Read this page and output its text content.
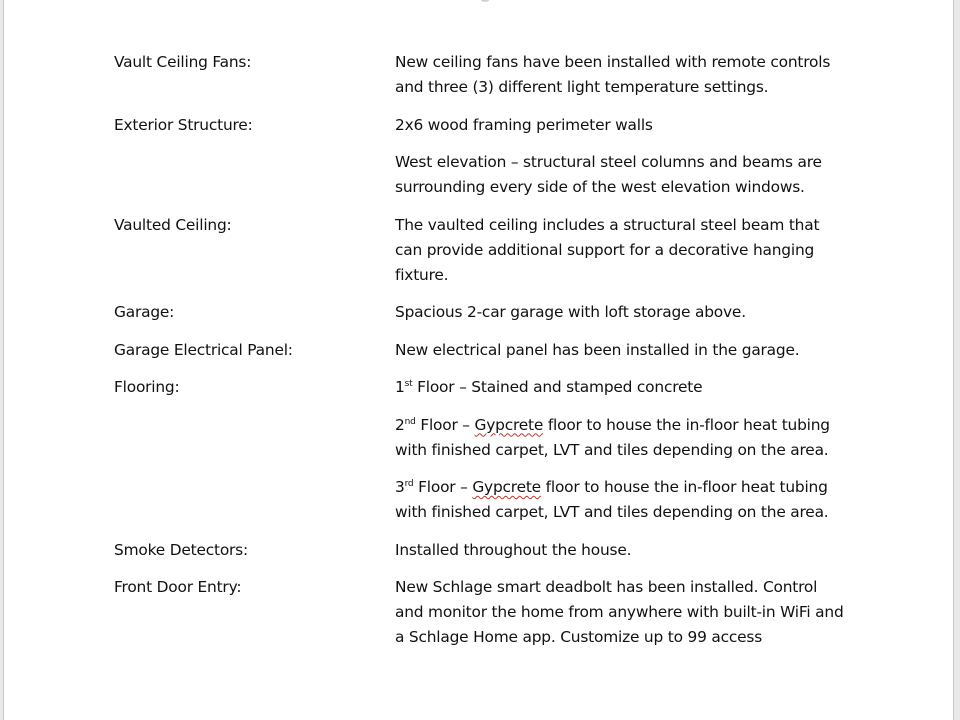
Vault Ceiling Fans:	New ceiling fans have been installed with remote controls and three (3) different light temperature settings.
Exterior Structure:	2x6 wood framing perimeter walls
West elevation – structural steel columns and beams are surrounding every side of the west elevation windows.
Vaulted Ceiling:	The vaulted ceiling includes a structural steel beam that can provide additional support for a decorative hanging fixture.
Garage:	Spacious 2-car garage with loft storage above.
Garage Electrical Panel:	New electrical panel has been installed in the garage.
Flooring:	1st Floor – Stained and stamped concrete
2nd Floor – Gypcrete floor to house the in-floor heat tubing with finished carpet, LVT and tiles depending on the area.
3rd Floor – Gypcrete floor to house the in-floor heat tubing with finished carpet, LVT and tiles depending on the area.
Smoke Detectors:	Installed throughout the house.
Front Door Entry:	New Schlage smart deadbolt has been installed. Control and monitor the home from anywhere with built-in WiFi and a Schlage Home app. Customize up to 99 access
